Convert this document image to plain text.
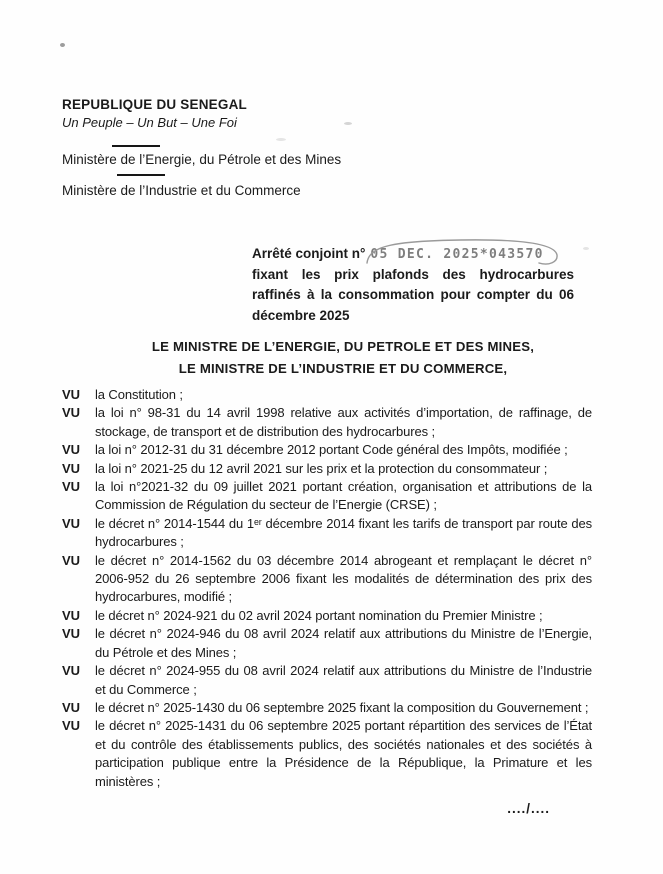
REPUBLIQUE DU SENEGAL
Un Peuple – Un But – Une Foi
Ministère de l’Energie, du Pétrole et des Mines
Ministère de l’Industrie et du Commerce

Arrêté conjoint n° 05 DEC. 2025*043570

fixant les prix plafonds des hydrocarbures raffinés à la consommation pour compter du 06 décembre 2025

LE MINISTRE DE L’ENERGIE, DU PETROLE ET DES MINES,
LE MINISTRE DE L’INDUSTRIE ET DU COMMERCE,
VU la Constitution ;
VU la loi n° 98-31 du 14 avril 1998 relative aux activités d’importation, de raffinage, de stockage, de transport et de distribution des hydrocarbures ;
VU la loi n° 2012-31 du 31 décembre 2012 portant Code général des Impôts, modifiée ;
VU la loi n° 2021-25 du 12 avril 2021 sur les prix et la protection du consommateur ;
VU la loi n°2021-32 du 09 juillet 2021 portant création, organisation et attributions de la Commission de Régulation du secteur de l’Energie (CRSE) ;
VU le décret n° 2014-1544 du 1ᵉʳ décembre 2014 fixant les tarifs de transport par route des hydrocarbures ;
VU le décret n° 2014-1562 du 03 décembre 2014 abrogeant et remplaçant le décret n° 2006-952 du 26 septembre 2006 fixant les modalités de détermination des prix des hydrocarbures, modifié ;
VU le décret n° 2024-921 du 02 avril 2024 portant nomination du Premier Ministre ;
VU le décret n° 2024-946 du 08 avril 2024 relatif aux attributions du Ministre de l’Energie, du Pétrole et des Mines ;
VU le décret n° 2024-955 du 08 avril 2024 relatif aux attributions du Ministre de l’Industrie et du Commerce ;
VU le décret n° 2025-1430 du 06 septembre 2025 fixant la composition du Gouvernement ;
VU le décret n° 2025-1431 du 06 septembre 2025 portant répartition des services de l’État et du contrôle des établissements publics, des sociétés nationales et des sociétés à participation publique entre la Présidence de la République, la Primature et les ministères ;
..../....
